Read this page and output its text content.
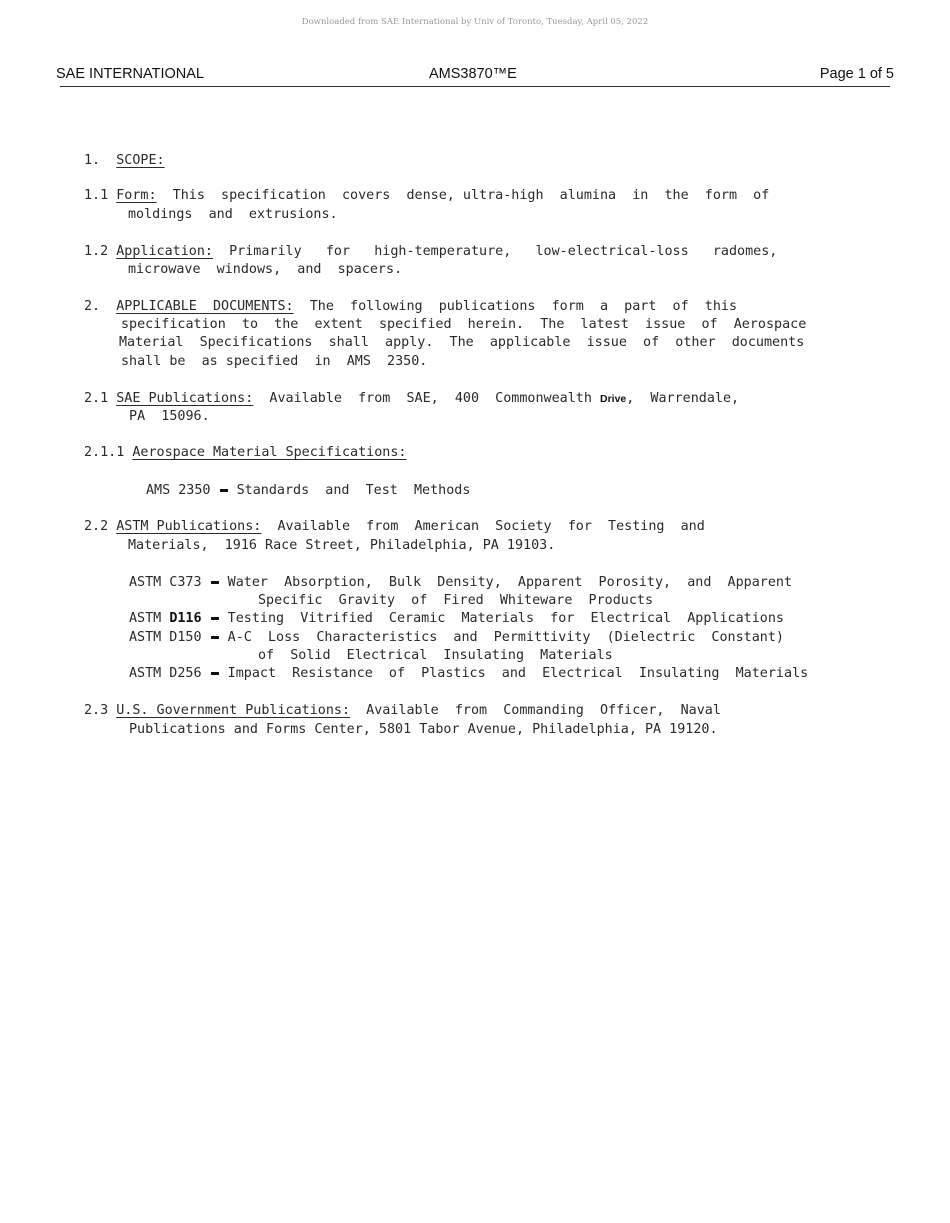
Downloaded from SAE International by Univ of Toronto, Tuesday, April 05, 2022
SAE INTERNATIONAL	AMS3870™E	Page 1 of 5
1. SCOPE:
1.1 Form:  This  specification  covers  dense, ultra-high  alumina  in  the  form  of
moldings  and  extrusions.
1.2 Application:  Primarily   for   high-temperature,   low-electrical-loss   radomes,
microwave  windows,  and  spacers.
2. APPLICABLE  DOCUMENTS:  The  following  publications  form  a  part  of  this
specification  to  the  extent  specified  herein.  The  latest  issue  of  Aerospace
Material  Specifications  shall  apply.  The  applicable  issue  of  other  documents
shall be  as specified  in  AMS  2350.
2.1 SAE Publications:  Available  from  SAE,  400  Commonwealth Drive,  Warrendale,
PA  15096.
2.1.1 Aerospace Material Specifications:
AMS 2350  Standards  and  Test  Methods
2.2 ASTM Publications:  Available  from  American  Society  for  Testing  and
Materials,  1916 Race Street, Philadelphia, PA 19103.
ASTM C373  Water  Absorption,  Bulk  Density,  Apparent  Porosity,  and  Apparent
Specific  Gravity  of  Fired  Whiteware  Products
ASTM D116  Testing  Vitrified  Ceramic  Materials  for  Electrical  Applications
ASTM D150  A-C  Loss  Characteristics  and  Permittivity  (Dielectric  Constant)
of  Solid  Electrical  Insulating  Materials
ASTM D256  Impact  Resistance  of  Plastics  and  Electrical  Insulating  Materials
2.3 U.S. Government Publications:  Available  from  Commanding  Officer,  Naval
Publications and Forms Center, 5801 Tabor Avenue, Philadelphia, PA 19120.
